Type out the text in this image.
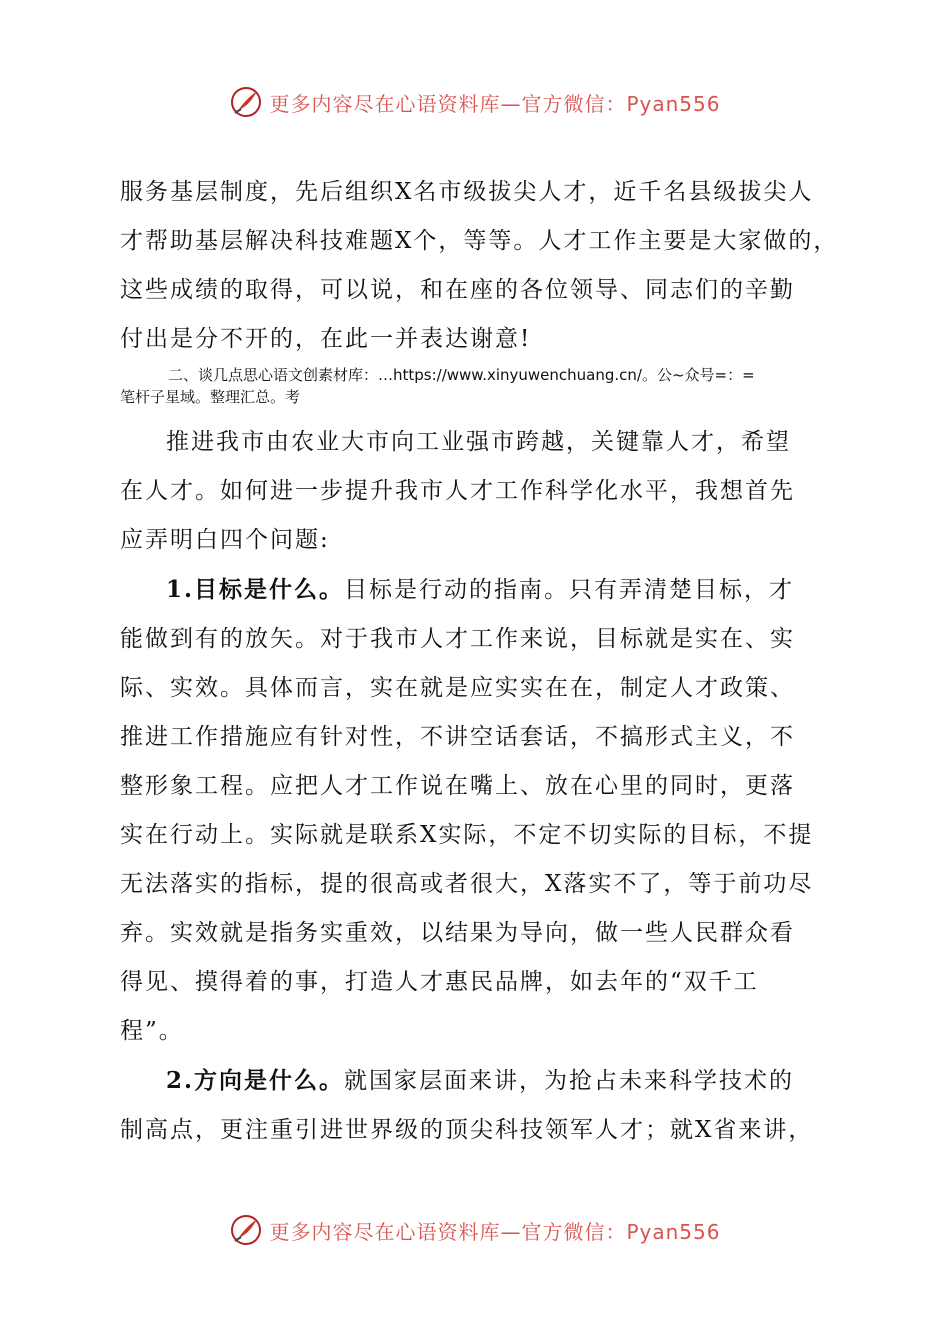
更多内容尽在心语资料库—官方微信：Pyan556

服务基层制度，先后组织X名市级拔尖人才，近千名县级拔尖人

才帮助基层解决科技难题X个，等等。人才工作主要是大家做的，

这些成绩的取得，可以说，和在座的各位领导、同志们的辛勤

付出是分不开的，在此一并表达谢意!

二、谈几点思心语文创素材库：…https://www.xinyuwenchuang.cn/。公~众号=：=

笔杆子星域。整理汇总。考

推进我市由农业大市向工业强市跨越，关键靠人才，希望

在人才。如何进一步提升我市人才工作科学化水平，我想首先

应弄明白四个问题:

1.目标是什么。目标是行动的指南。只有弄清楚目标，才

能做到有的放矢。对于我市人才工作来说，目标就是实在、实

际、实效。具体而言，实在就是应实实在在，制定人才政策、

推进工作措施应有针对性，不讲空话套话，不搞形式主义，不

整形象工程。应把人才工作说在嘴上、放在心里的同时，更落

实在行动上。实际就是联系X实际，不定不切实际的目标，不提

无法落实的指标，提的很高或者很大，X落实不了，等于前功尽

弃。实效就是指务实重效，以结果为导向，做一些人民群众看

得见、摸得着的事，打造人才惠民品牌，如去年的“双千工

程”。

2.方向是什么。就国家层面来讲，为抢占未来科学技术的

制高点，更注重引进世界级的顶尖科技领军人才；就X省来讲，

更多内容尽在心语资料库—官方微信：Pyan556
